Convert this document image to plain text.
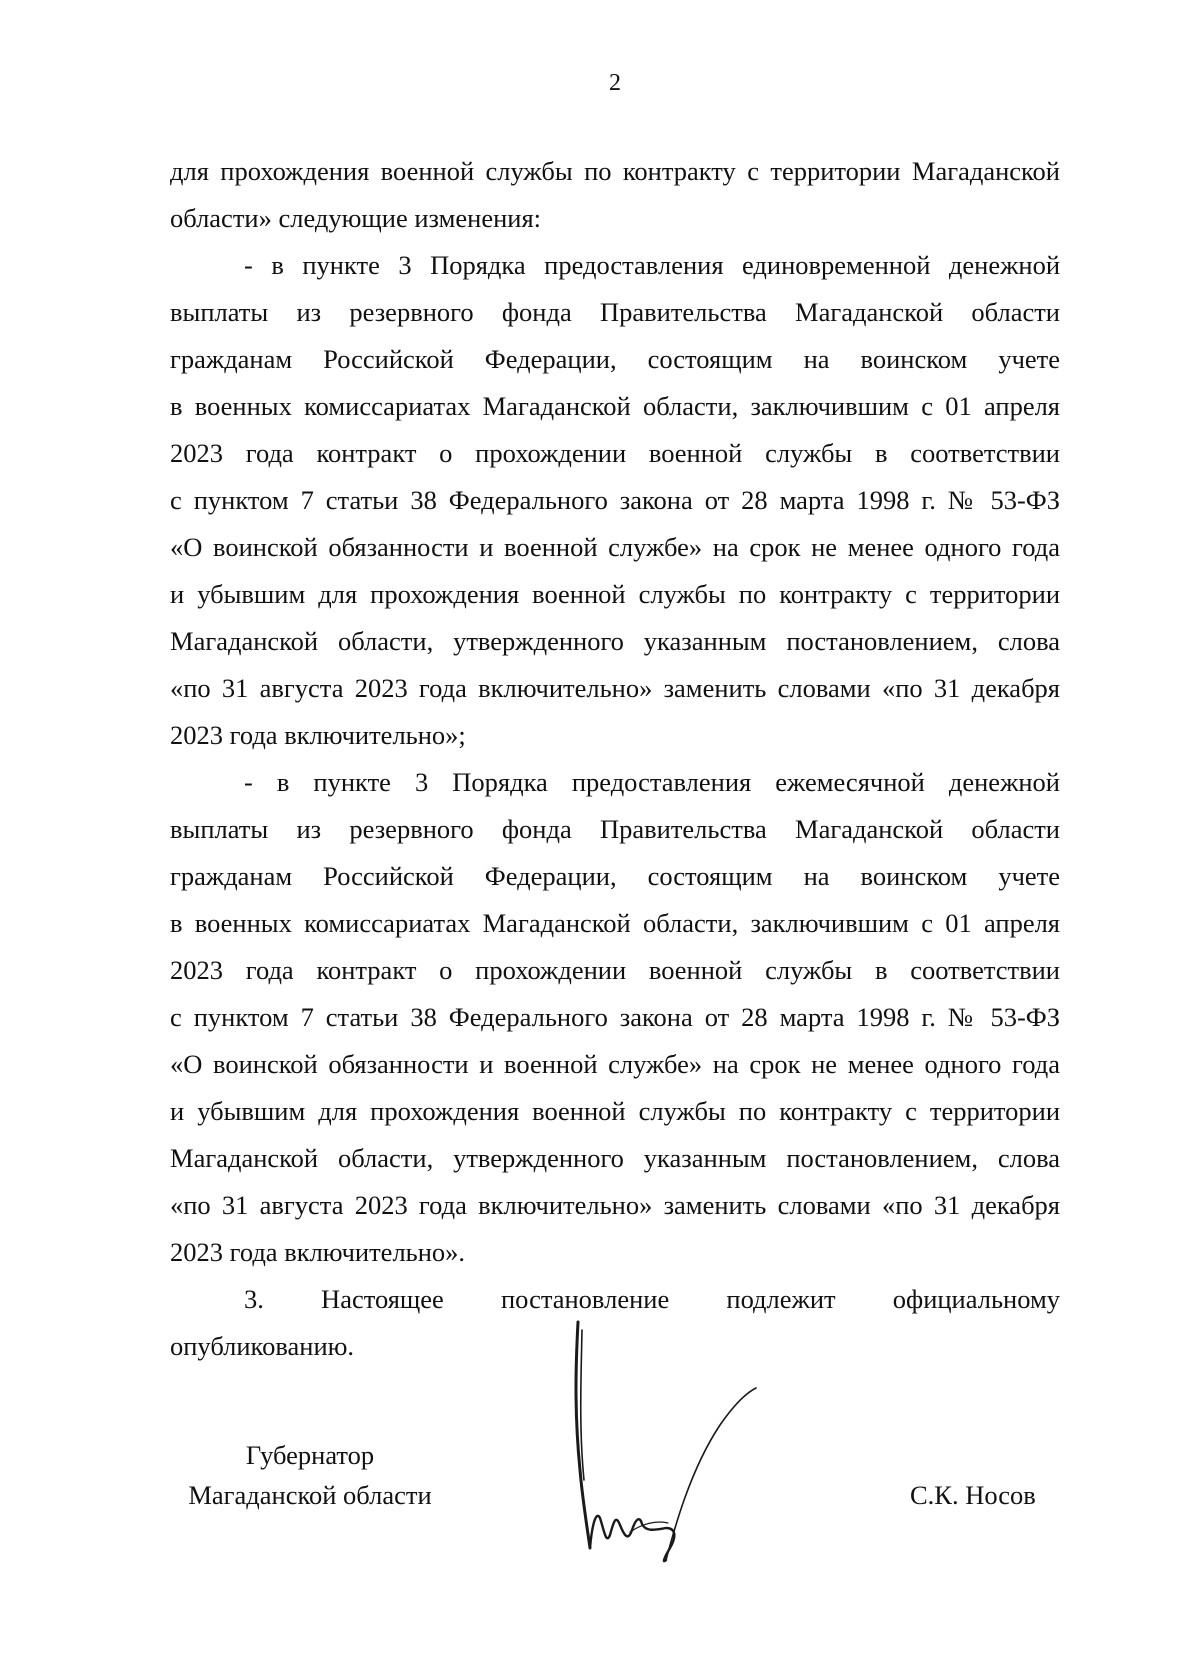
2

для прохождения военной службы по контракту с территории Магаданской
области» следующие изменения:

- в пункте 3 Порядка предоставления единовременной денежной
выплаты из резервного фонда Правительства Магаданской области
гражданам Российской Федерации, состоящим на воинском учете
в военных комиссариатах Магаданской области, заключившим с 01 апреля
2023 года контракт о прохождении военной службы в соответствии
с пунктом 7 статьи 38 Федерального закона от 28 марта 1998 г. № 53-ФЗ
«О воинской обязанности и военной службе» на срок не менее одного года
и убывшим для прохождения военной службы по контракту с территории
Магаданской области, утвержденного указанным постановлением, слова
«по 31 августа 2023 года включительно» заменить словами «по 31 декабря
2023 года включительно»;

- в пункте 3 Порядка предоставления ежемесячной денежной
выплаты из резервного фонда Правительства Магаданской области
гражданам Российской Федерации, состоящим на воинском учете
в военных комиссариатах Магаданской области, заключившим с 01 апреля
2023 года контракт о прохождении военной службы в соответствии
с пунктом 7 статьи 38 Федерального закона от 28 марта 1998 г. № 53-ФЗ
«О воинской обязанности и военной службе» на срок не менее одного года
и убывшим для прохождения военной службы по контракту с территории
Магаданской области, утвержденного указанным постановлением, слова
«по 31 августа 2023 года включительно» заменить словами «по 31 декабря
2023 года включительно».

3. Настоящее постановление подлежит официальному
опубликованию.

Губернатор
Магаданской области	С.К. Носов
